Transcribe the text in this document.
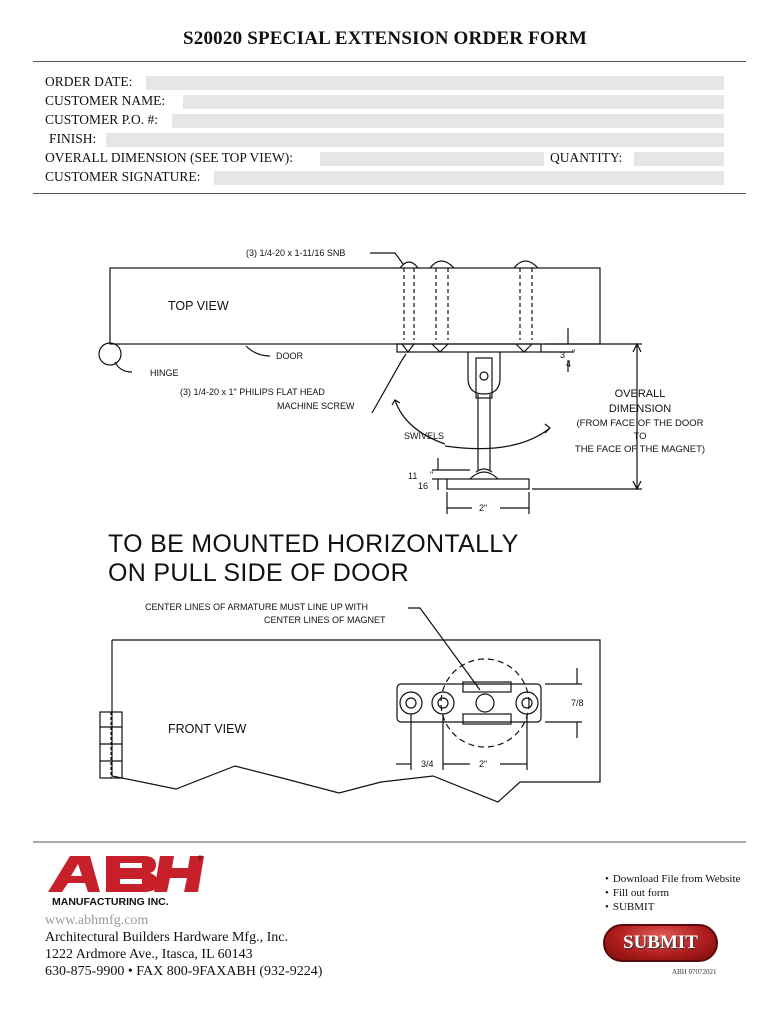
S20020 SPECIAL EXTENSION ORDER FORM
ORDER DATE:
CUSTOMER NAME:
CUSTOMER P.O. #:
FINISH:
OVERALL DIMENSION (SEE TOP VIEW):	QUANTITY:
CUSTOMER SIGNATURE:
(3) 1/4-20 x 1-11/16 SNB
TOP VIEW
DOOR
HINGE
(3) 1/4-20 x 1" PHILIPS FLAT HEAD
MACHINE SCREW
SWIVELS
3
4
"
OVERALL
DIMENSION
(FROM FACE OF THE DOOR
TO
THE FACE OF THE MAGNET)
11
16
"
2"
CENTER LINES OF ARMATURE MUST LINE UP WITH
CENTER LINES OF MAGNET
FRONT VIEW
7/8
3/4	2"
TO BE MOUNTED HORIZONTALLY
ON PULL SIDE OF DOOR
®
MANUFACTURING INC.
www.abhmfg.com
Architectural Builders Hardware Mfg., Inc.
1222 Ardmore Ave., Itasca, IL 60143
630-875-9900 • FAX 800-9FAXABH (932-9224)
• Download File from Website
• Fill out form
• SUBMIT
SUBMIT
ABH 07072021
